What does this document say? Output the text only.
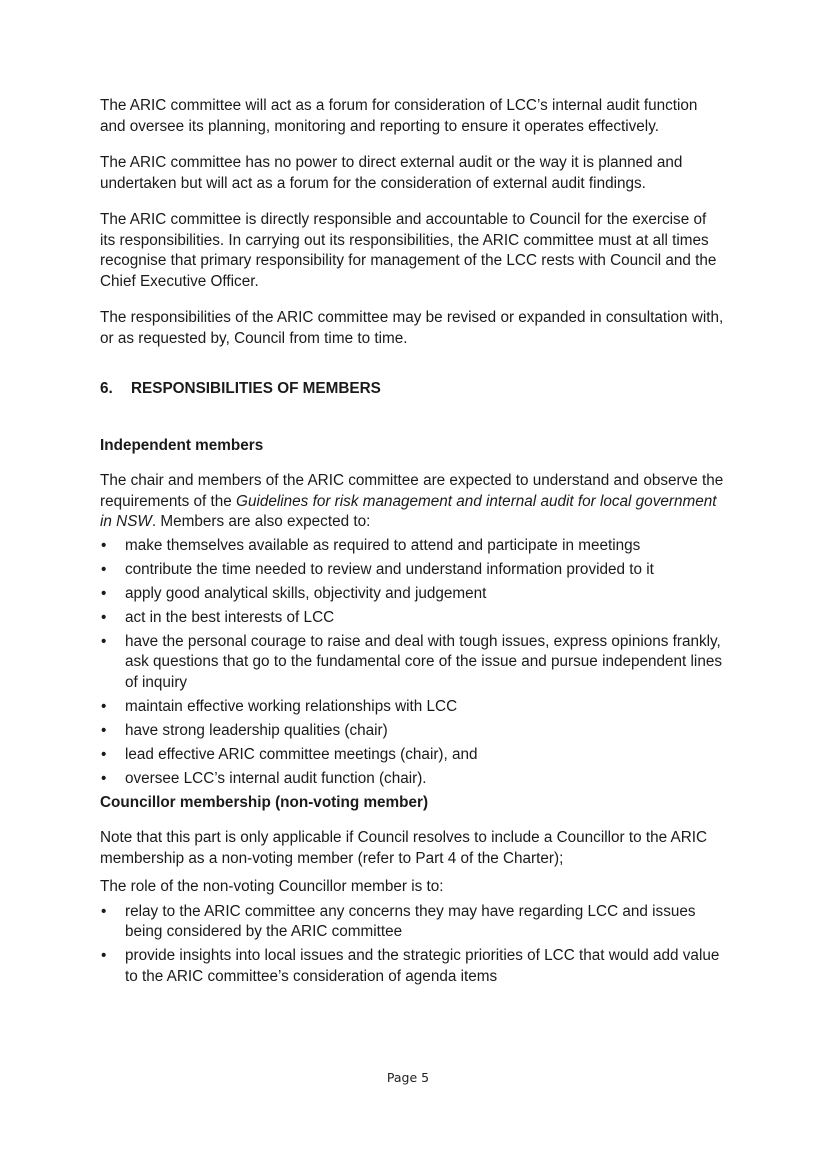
The ARIC committee will act as a forum for consideration of LCC’s internal audit function and oversee its planning, monitoring and reporting to ensure it operates effectively.

The ARIC committee has no power to direct external audit or the way it is planned and undertaken but will act as a forum for the consideration of external audit findings.

The ARIC committee is directly responsible and accountable to Council for the exercise of its responsibilities. In carrying out its responsibilities, the ARIC committee must at all times recognise that primary responsibility for management of the LCC rests with Council and the Chief Executive Officer.

The responsibilities of the ARIC committee may be revised or expanded in consultation with, or as requested by, Council from time to time.

6. RESPONSIBILITIES OF MEMBERS
Independent members

The chair and members of the ARIC committee are expected to understand and observe the requirements of the Guidelines for risk management and internal audit for local government in NSW. Members are also expected to:

• make themselves available as required to attend and participate in meetings
• contribute the time needed to review and understand information provided to it
• apply good analytical skills, objectivity and judgement
• act in the best interests of LCC
• have the personal courage to raise and deal with tough issues, express opinions frankly, ask questions that go to the fundamental core of the issue and pursue independent lines of inquiry
• maintain effective working relationships with LCC
• have strong leadership qualities (chair)
• lead effective ARIC committee meetings (chair), and
• oversee LCC’s internal audit function (chair).
Councillor membership (non-voting member)

Note that this part is only applicable if Council resolves to include a Councillor to the ARIC membership as a non-voting member (refer to Part 4 of the Charter);

The role of the non-voting Councillor member is to:

• relay to the ARIC committee any concerns they may have regarding LCC and issues being considered by the ARIC committee
• provide insights into local issues and the strategic priorities of LCC that would add value to the ARIC committee’s consideration of agenda items
Page 5
